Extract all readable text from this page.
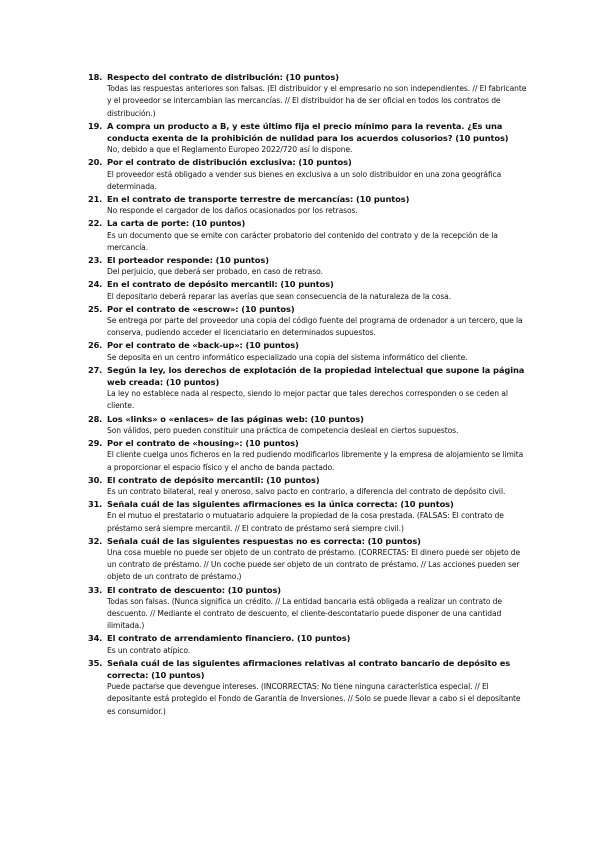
18. Respecto del contrato de distribución: (10 puntos)
Todas las respuestas anteriores son falsas. (El distribuidor y el empresario no son independientes. // El fabricante y el proveedor se intercambian las mercancías. // El distribuidor ha de ser oficial en todos los contratos de distribución.)
19. A compra un producto a B, y este último fija el precio mínimo para la reventa. ¿Es una conducta exenta de la prohibición de nulidad para los acuerdos colusorios? (10 puntos)
No, debido a que el Reglamento Europeo 2022/720 así lo dispone.
20. Por el contrato de distribución exclusiva: (10 puntos)
El proveedor está obligado a vender sus bienes en exclusiva a un solo distribuidor en una zona geográfica determinada.
21. En el contrato de transporte terrestre de mercancías: (10 puntos)
No responde el cargador de los daños ocasionados por los retrasos.
22. La carta de porte: (10 puntos)
Es un documento que se emite con carácter probatorio del contenido del contrato y de la recepción de la mercancía.
23. El porteador responde: (10 puntos)
Del perjuicio, que deberá ser probado, en caso de retraso.
24. En el contrato de depósito mercantil: (10 puntos)
El depositario deberá reparar las averías que sean consecuencia de la naturaleza de la cosa.
25. Por el contrato de «escrow»: (10 puntos)
Se entrega por parte del proveedor una copia del código fuente del programa de ordenador a un tercero, que la conserva, pudiendo acceder el licenciatario en determinados supuestos.
26. Por el contrato de «back-up»: (10 puntos)
Se deposita en un centro informático especializado una copia del sistema informático del cliente.
27. Según la ley, los derechos de explotación de la propiedad intelectual que supone la página web creada: (10 puntos)
La ley no establece nada al respecto, siendo lo mejor pactar que tales derechos corresponden o se ceden al cliente.
28. Los «links» o «enlaces» de las páginas web: (10 puntos)
Son válidos, pero pueden constituir una práctica de competencia desleal en ciertos supuestos.
29. Por el contrato de «housing»: (10 puntos)
El cliente cuelga unos ficheros en la red pudiendo modificarlos libremente y la empresa de alojamiento se limita a proporcionar el espacio físico y el ancho de banda pactado.
30. El contrato de depósito mercantil: (10 puntos)
Es un contrato bilateral, real y oneroso, salvo pacto en contrario, a diferencia del contrato de depósito civil.
31. Señala cuál de las siguientes afirmaciones es la única correcta: (10 puntos)
En el mutuo el prestatario o mutuatario adquiere la propiedad de la cosa prestada. (FALSAS: El contrato de préstamo será siempre mercantil. // El contrato de préstamo será siempre civil.)
32. Señala cuál de las siguientes respuestas no es correcta: (10 puntos)
Una cosa mueble no puede ser objeto de un contrato de préstamo. (CORRECTAS: El dinero puede ser objeto de un contrato de préstamo. // Un coche puede ser objeto de un contrato de préstamo. // Las acciones pueden ser objeto de un contrato de préstamo.)
33. El contrato de descuento: (10 puntos)
Todas son falsas. (Nunca significa un crédito. // La entidad bancaria está obligada a realizar un contrato de descuento. // Mediante el contrato de descuento, el cliente-descontatario puede disponer de una cantidad ilimitada.)
34. El contrato de arrendamiento financiero. (10 puntos)
Es un contrato atípico.
35. Señala cuál de las siguientes afirmaciones relativas al contrato bancario de depósito es correcta: (10 puntos)
Puede pactarse que devengue intereses. (INCORRECTAS: No tiene ninguna característica especial. // El depositante está protegido el Fondo de Garantía de Inversiones. // Solo se puede llevar a cabo si el depositante es consumidor.)
